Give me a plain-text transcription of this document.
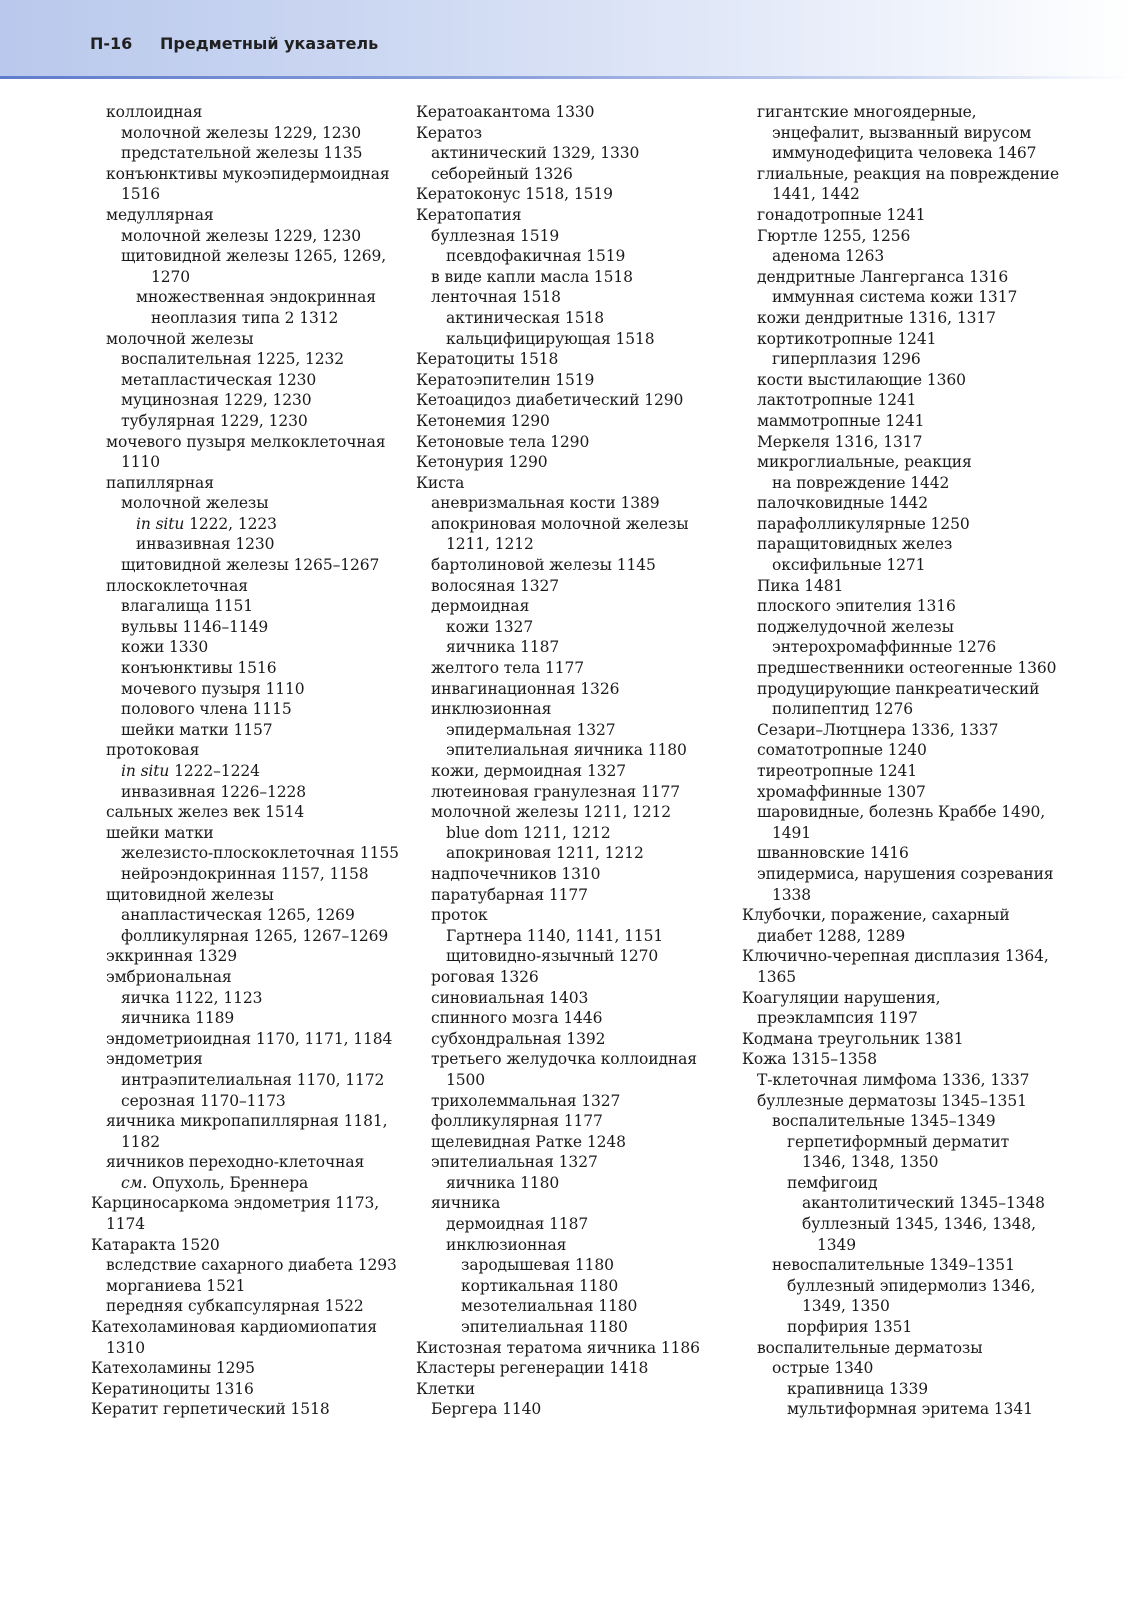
П-16 Предметный указатель
коллоидная
молочной железы 1229, 1230
предстательной железы 1135
конъюнктивы мукоэпидермоидная
1516
медуллярная
молочной железы 1229, 1230
щитовидной железы 1265, 1269,
1270
множественная эндокринная
неоплазия типа 2 1312
молочной железы
воспалительная 1225, 1232
метапластическая 1230
муцинозная 1229, 1230
тубулярная 1229, 1230
мочевого пузыря мелкоклеточная
1110
папиллярная
молочной железы
in situ 1222, 1223
инвазивная 1230
щитовидной железы 1265–1267
плоскоклеточная
влагалища 1151
вульвы 1146–1149
кожи 1330
конъюнктивы 1516
мочевого пузыря 1110
полового члена 1115
шейки матки 1157
протоковая
in situ 1222–1224
инвазивная 1226–1228
сальных желез век 1514
шейки матки
железисто-плоскоклеточная 1155
нейроэндокринная 1157, 1158
щитовидной железы
анапластическая 1265, 1269
фолликулярная 1265, 1267–1269
эккринная 1329
эмбриональная
яичка 1122, 1123
яичника 1189
эндометриоидная 1170, 1171, 1184
эндометрия
интраэпителиальная 1170, 1172
серозная 1170–1173
яичника микропапиллярная 1181,
1182
яичников переходно-клеточная
см. Опухоль, Бреннера
Карциносаркома эндометрия 1173,
1174
Катаракта 1520
вследствие сахарного диабета 1293
морганиева 1521
передняя субкапсулярная 1522
Катехоламиновая кардиомиопатия
1310
Катехоламины 1295
Кератиноциты 1316
Кератит герпетический 1518
Кератоакантома 1330
Кератоз
актинический 1329, 1330
себорейный 1326
Кератоконус 1518, 1519
Кератопатия
буллезная 1519
псевдофакичная 1519
в виде капли масла 1518
ленточная 1518
актиническая 1518
кальцифицирующая 1518
Кератоциты 1518
Кератоэпителин 1519
Кетоацидоз диабетический 1290
Кетонемия 1290
Кетоновые тела 1290
Кетонурия 1290
Киста
аневризмальная кости 1389
апокриновая молочной железы
1211, 1212
бартолиновой железы 1145
волосяная 1327
дермоидная
кожи 1327
яичника 1187
желтого тела 1177
инвагинационная 1326
инклюзионная
эпидермальная 1327
эпителиальная яичника 1180
кожи, дермоидная 1327
лютеиновая гранулезная 1177
молочной железы 1211, 1212
blue dom 1211, 1212
апокриновая 1211, 1212
надпочечников 1310
паратубарная 1177
проток
Гартнера 1140, 1141, 1151
щитовидно-язычный 1270
роговая 1326
синовиальная 1403
спинного мозга 1446
субхондральная 1392
третьего желудочка коллоидная
1500
трихолеммальная 1327
фолликулярная 1177
щелевидная Ратке 1248
эпителиальная 1327
яичника 1180
яичника
дермоидная 1187
инклюзионная
зародышевая 1180
кортикальная 1180
мезотелиальная 1180
эпителиальная 1180
Кистозная тератома яичника 1186
Кластеры регенерации 1418
Клетки
Бергера 1140
гигантские многоядерные,
энцефалит, вызванный вирусом
иммунодефицита человека 1467
глиальные, реакция на повреждение
1441, 1442
гонадотропные 1241
Гюртле 1255, 1256
аденома 1263
дендритные Лангерганса 1316
иммунная система кожи 1317
кожи дендритные 1316, 1317
кортикотропные 1241
гиперплазия 1296
кости выстилающие 1360
лактотропные 1241
маммотропные 1241
Меркеля 1316, 1317
микроглиальные, реакция
на повреждение 1442
палочковидные 1442
парафолликулярные 1250
паращитовидных желез
оксифильные 1271
Пика 1481
плоского эпителия 1316
поджелудочной железы
энтерохромаффинные 1276
предшественники остеогенные 1360
продуцирующие панкреатический
полипептид 1276
Сезари–Лютцнера 1336, 1337
соматотропные 1240
тиреотропные 1241
хромаффинные 1307
шаровидные, болезнь Краббе 1490,
1491
шванновские 1416
эпидермиса, нарушения созревания
1338
Клубочки, поражение, сахарный
диабет 1288, 1289
Ключично-черепная дисплазия 1364,
1365
Коагуляции нарушения,
преэклампсия 1197
Кодмана треугольник 1381
Кожа 1315–1358
Т-клеточная лимфома 1336, 1337
буллезные дерматозы 1345–1351
воспалительные 1345–1349
герпетиформный дерматит
1346, 1348, 1350
пемфигоид
акантолитический 1345–1348
буллезный 1345, 1346, 1348,
1349
невоспалительные 1349–1351
буллезный эпидермолиз 1346,
1349, 1350
порфирия 1351
воспалительные дерматозы
острые 1340
крапивница 1339
мультиформная эритема 1341
